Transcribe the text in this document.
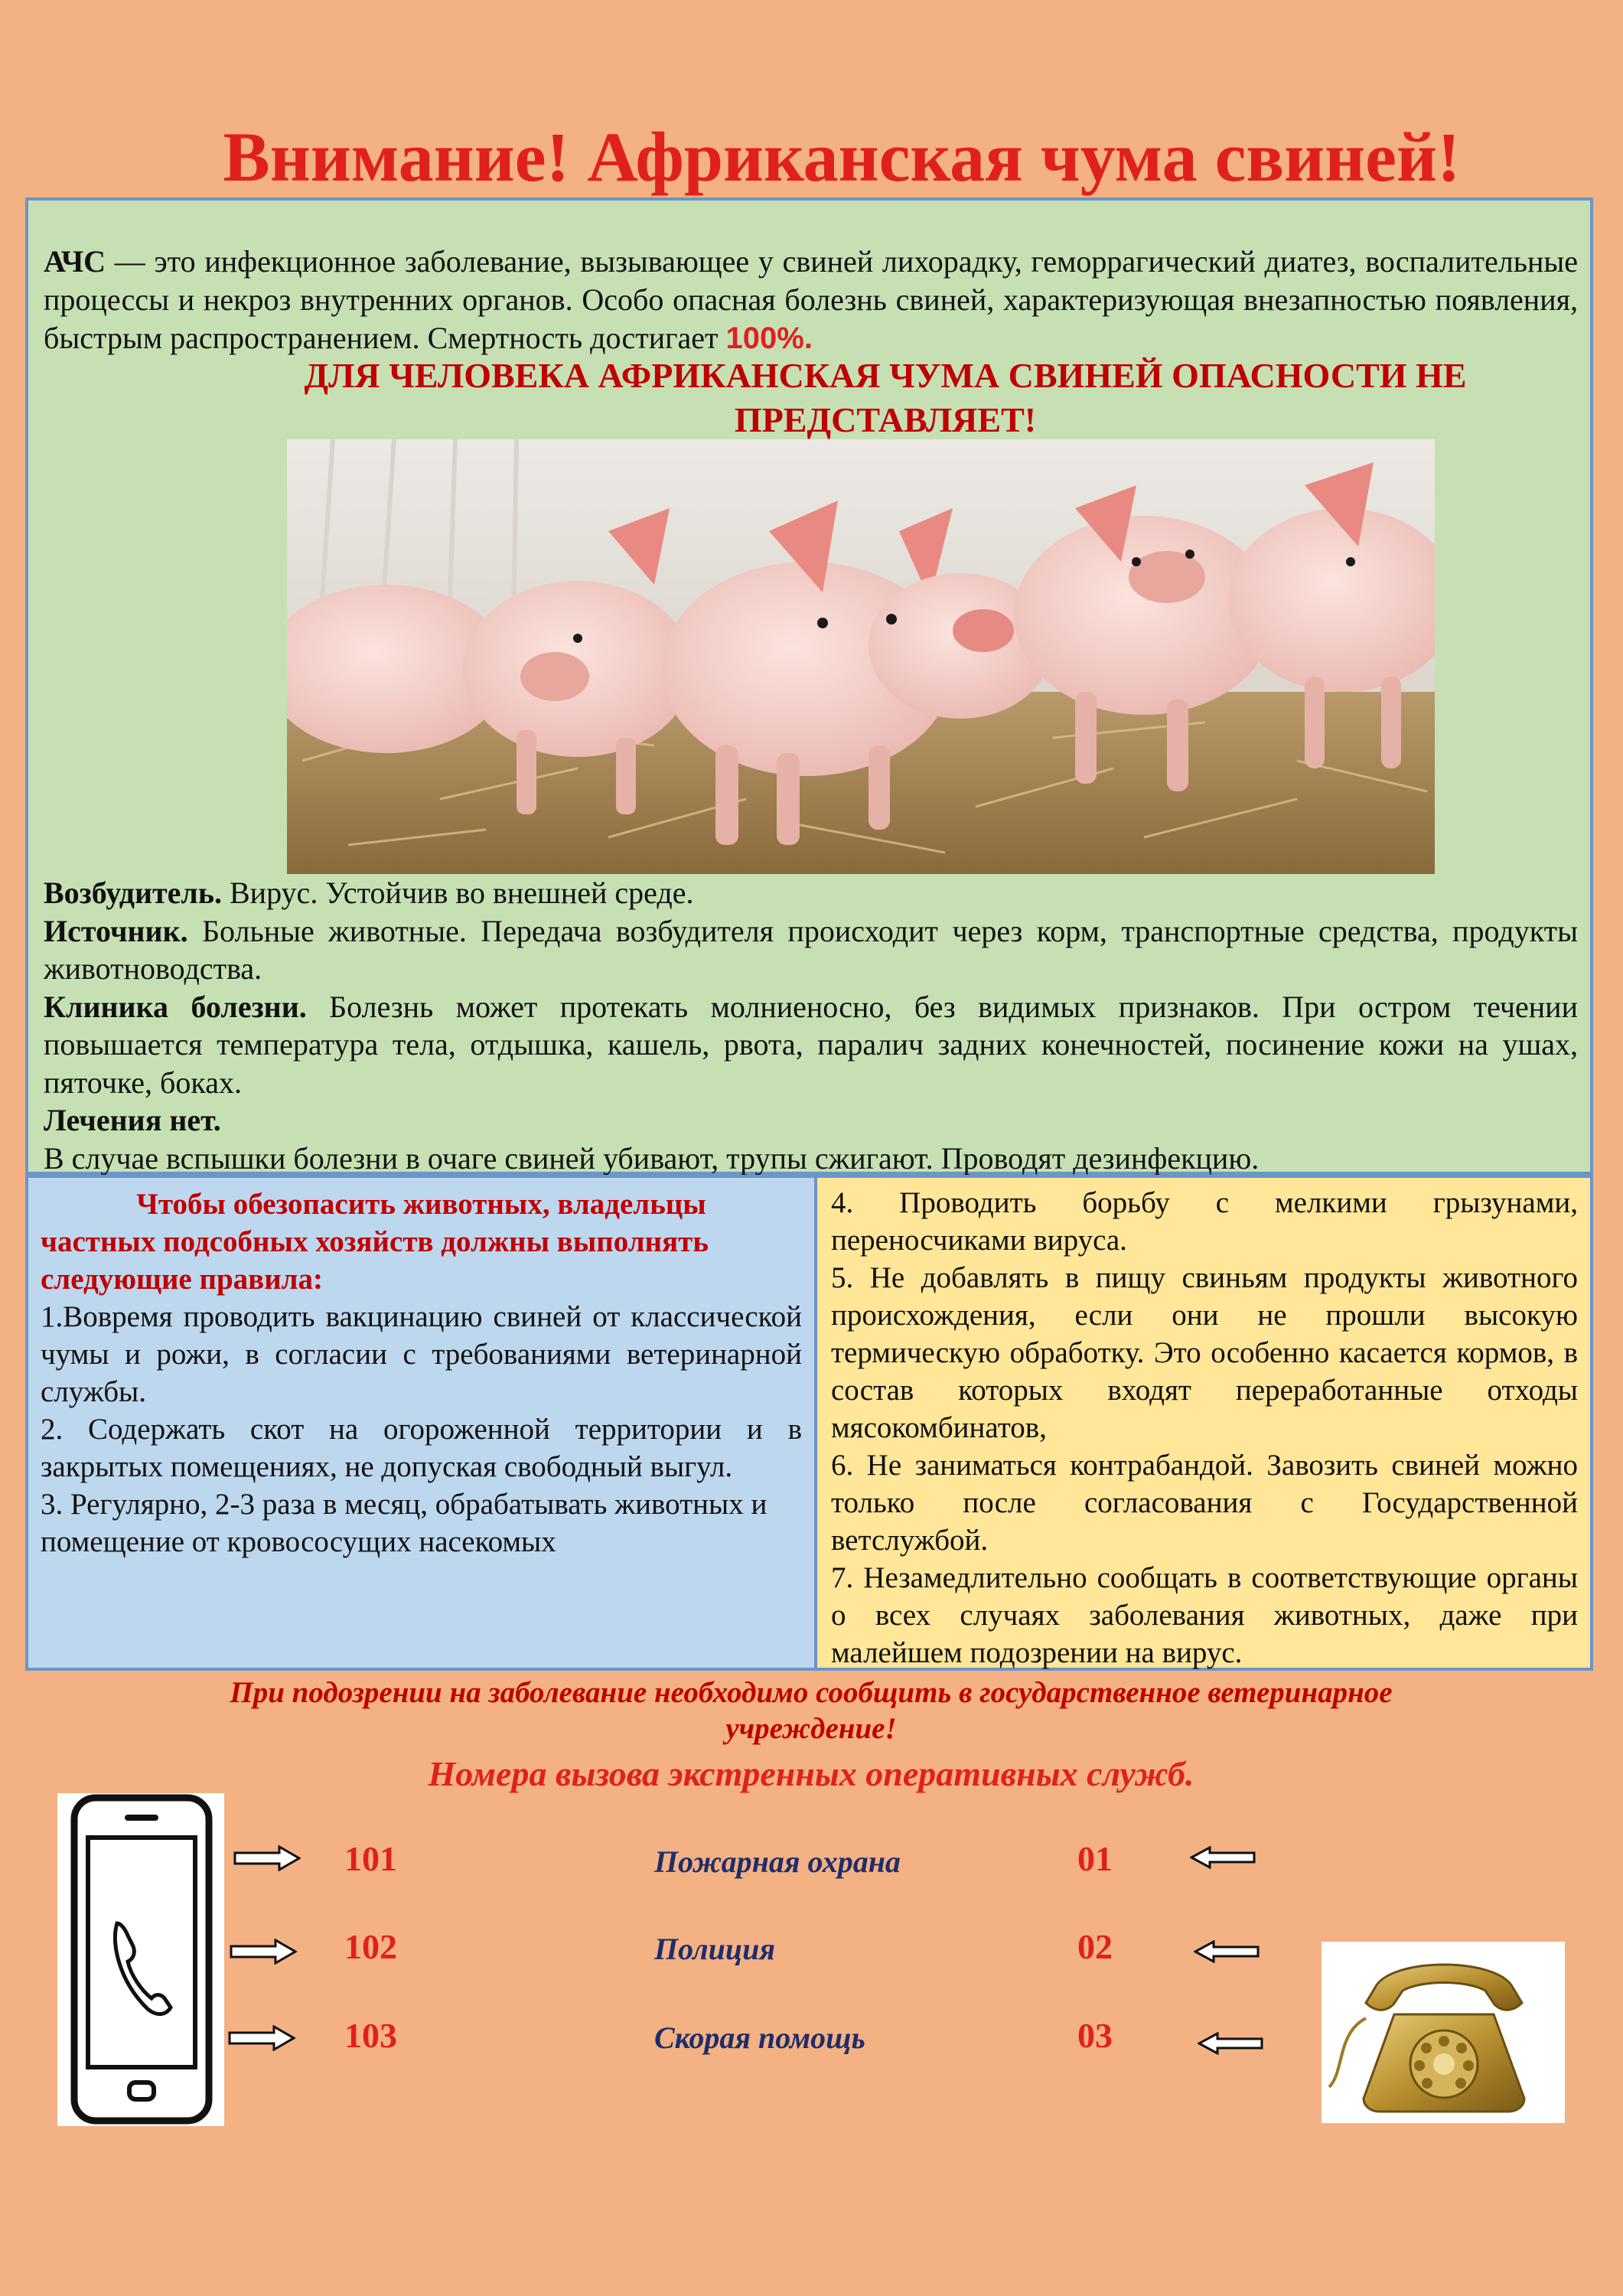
Внимание! Африканская чума свиней!

АЧС — это инфекционное заболевание, вызывающее у свиней лихорадку, геморрагический диатез, воспалительные процессы и некроз внутренних органов. Особо опасная болезнь свиней, характеризующая внезапностью появления, быстрым распространением. Смертность достигает 100%.

ДЛЯ ЧЕЛОВЕКА АФРИКАНСКАЯ ЧУМА СВИНЕЙ ОПАСНОСТИ НЕ ПРЕДСТАВЛЯЕТ!

Возбудитель. Вирус. Устойчив во внешней среде.

Источник. Больные животные. Передача возбудителя происходит через корм, транспортные средства, продукты животноводства.

Клиника болезни. Болезнь может протекать молниеносно, без видимых признаков. При остром течении повышается температура тела, отдышка, кашель, рвота, паралич задних конечностей, посинение кожи на ушах, пяточке, боках.

Лечения нет.

В случае вспышки болезни в очаге свиней убивают, трупы сжигают. Проводят дезинфекцию.

Чтобы обезопасить животных, владельцы
частных подсобных хозяйств должны выполнять
следующие правила:

1.Вовремя проводить вакцинацию свиней от классической чумы и рожи, в согласии с требованиями ветеринарной службы.

2. Содержать скот на огороженной территории и в закрытых помещениях, не допуская свободный выгул.

3. Регулярно, 2-3 раза в месяц, обрабатывать животных и помещение от кровососущих насекомых

4. Проводить борьбу с мелкими грызунами, переносчиками вируса.

5. Не добавлять в пищу свиньям продукты животного происхождения, если они не прошли высокую термическую обработку. Это особенно касается кормов, в состав которых входят переработанные отходы мясокомбинатов,

6. Не заниматься контрабандой. Завозить свиней можно только после согласования с Государственной ветслужбой.

7. Незамедлительно сообщать в соответствующие органы о всех случаях заболевания животных, даже при малейшем подозрении на вирус.

При подозрении на заболевание необходимо сообщить в государственное ветеринарное учреждение!

Номера вызова экстренных оперативных служб.

101
102
103
Пожарная охрана
Полиция
Скорая помощь
01
02
03
